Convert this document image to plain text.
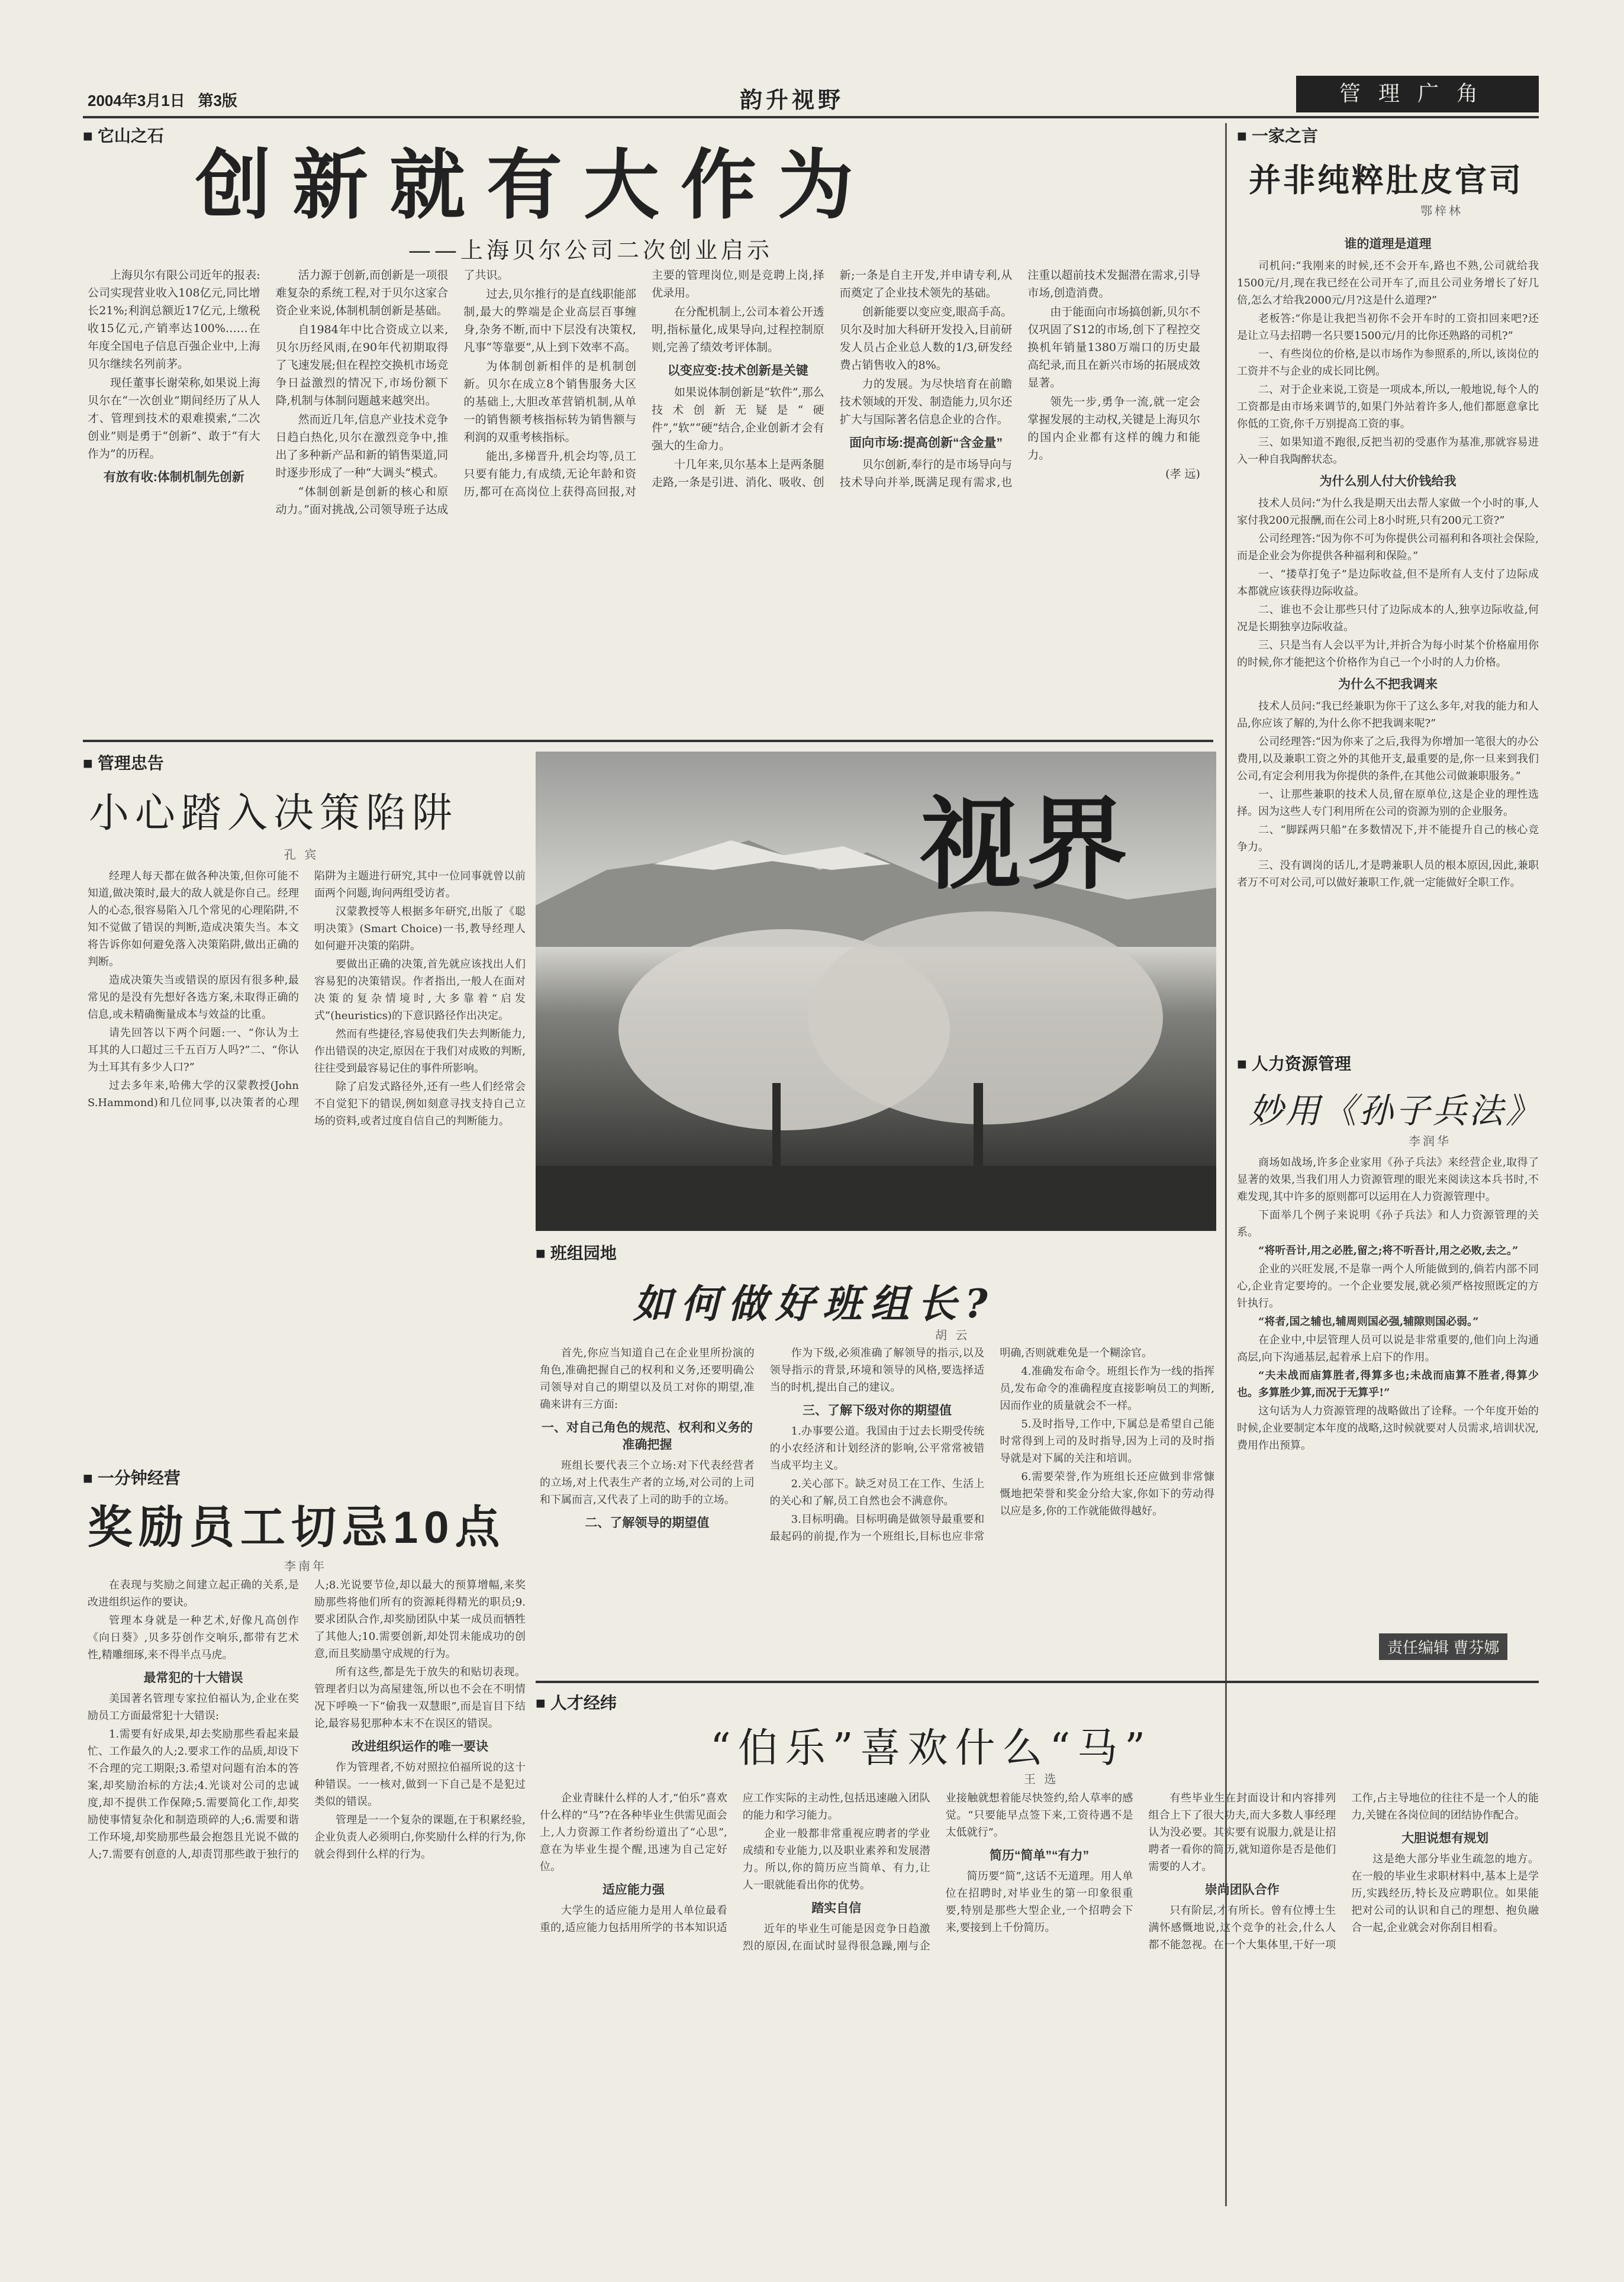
2004年3月1日 第3版	韵升视野	管理广角
■ 它山之石
创新就有大作为
——上海贝尔公司二次创业启示

上海贝尔有限公司近年的报表:公司实现营业收入108亿元,同比增长21%;利润总额近17亿元,上缴税收15亿元,产销率达100%……在年度全国电子信息百强企业中,上海贝尔继续名列前茅。

现任董事长谢荣称,如果说上海贝尔在“一次创业”期间经历了从人才、管理到技术的艰难摸索,“二次创业”则是勇于“创新”、敢于“有大作为”的历程。

有放有收:体制机制先创新

活力源于创新,而创新是一项很难复杂的系统工程,对于贝尔这家合资企业来说,体制机制创新是基础。

自1984年中比合资成立以来,贝尔历经风雨,在90年代初期取得了飞速发展;但在程控交换机市场竞争日益激烈的情况下,市场份额下降,机制与体制问题越来越突出。

然而近几年,信息产业技术竞争日趋白热化,贝尔在激烈竞争中,推出了多种新产品和新的销售渠道,同时逐步形成了一种“大调头”模式。

“体制创新是创新的核心和原动力。”面对挑战,公司领导班子达成了共识。

过去,贝尔推行的是直线职能部制,最大的弊端是企业高层百事缠身,杂务不断,而中下层没有决策权,凡事“等靠要”,从上到下效率不高。

为体制创新相伴的是机制创新。贝尔在成立8个销售服务大区的基础上,大胆改革营销机制,从单一的销售额考核指标转为销售额与利润的双重考核指标。

能出,多梯晋升,机会均等,员工只要有能力,有成绩,无论年龄和资历,都可在高岗位上获得高回报,对主要的管理岗位,则是竞聘上岗,择优录用。

在分配机制上,公司本着公开透明,指标量化,成果导向,过程控制原则,完善了绩效考评体制。

以变应变:技术创新是关键

如果说体制创新是“软件”,那么技术创新无疑是“硬件”,“软”“硬”结合,企业创新才会有强大的生命力。

十几年来,贝尔基本上是两条腿走路,一条是引进、消化、吸收、创新;一条是自主开发,并申请专利,从而奠定了企业技术领先的基础。

创新能要以变应变,眼高手高。贝尔及时加大科研开发投入,目前研发人员占企业总人数的1/3,研发经费占销售收入的8%。

力的发展。为尽快培育在前瞻技术领域的开发、制造能力,贝尔还扩大与国际著名信息企业的合作。

面向市场:提高创新“含金量”

贝尔创新,奉行的是市场导向与技术导向并举,既满足现有需求,也注重以超前技术发掘潜在需求,引导市场,创造消费。

由于能面向市场搞创新,贝尔不仅巩固了S12的市场,创下了程控交换机年销量1380万端口的历史最高纪录,而且在新兴市场的拓展成效显著。

领先一步,勇争一流,就一定会掌握发展的主动权,关键是上海贝尔的国内企业都有这样的魄力和能力。

(孝 远)

■ 一家之言
并非纯粹肚皮官司
鄂梓林
谁的道理是道理

司机问:“我刚来的时候,还不会开车,路也不熟,公司就给我1500元/月,现在我已经在公司开车了,而且公司业务增长了好几倍,怎么才给我2000元/月?这是什么道理?”

老板答:“你是让我把当初你不会开车时的工资扣回来吧?还是让立马去招聘一名只要1500元/月的比你还熟路的司机?”

一、有些岗位的价格,是以市场作为参照系的,所以,该岗位的工资并不与企业的成长同比例。

二、对于企业来说,工资是一项成本,所以,一般地说,每个人的工资都是由市场来调节的,如果门外站着许多人,他们都愿意拿比你低的工资,你千万别提高工资的事。

三、如果知道不跑很,反把当初的受惠作为基准,那就容易进入一种自我陶醉状态。

为什么别人付大价钱给我

技术人员问:“为什么我是期天出去帮人家做一个小时的事,人家付我200元报酬,而在公司上8小时班,只有200元工资?”

公司经理答:“因为你不可为你提供公司福利和各项社会保险,而是企业会为你提供各种福利和保险。”

一、“搂草打兔子”是边际收益,但不是所有人支付了边际成本都就应该获得边际收益。

二、谁也不会让那些只付了边际成本的人,独享边际收益,何况是长期独享边际收益。

三、只是当有人会以平为计,并折合为每小时某个价格雇用你的时候,你才能把这个价格作为自己一个小时的人力价格。

为什么不把我调来

技术人员问:“我已经兼职为你干了这么多年,对我的能力和人品,你应该了解的,为什么你不把我调来呢?”

公司经理答:“因为你来了之后,我得为你增加一笔很大的办公费用,以及兼职工资之外的其他开支,最重要的是,你一旦来到我们公司,有定会利用我为你提供的条件,在其他公司做兼职服务。”

一、让那些兼职的技术人员,留在原单位,这是企业的理性选择。因为这些人专门利用所在公司的资源为别的企业服务。

二、“脚踩两只船”在多数情况下,并不能提升自己的核心竞争力。

三、没有调岗的话儿,才是聘兼职人员的根本原因,因此,兼职者万不可对公司,可以做好兼职工作,就一定能做好全职工作。

■ 管理忠告
小心踏入决策陷阱
孔 宾

经理人每天都在做各种决策,但你可能不知道,做决策时,最大的敌人就是你自己。经理人的心态,很容易陷入几个常见的心理陷阱,不知不觉做了错误的判断,造成决策失当。本文将告诉你如何避免落入决策陷阱,做出正确的判断。

造成决策失当或错误的原因有很多种,最常见的是没有先想好各选方案,未取得正确的信息,或未精确衡量成本与效益的比重。

请先回答以下两个问题:一、“你认为土耳其的人口超过三千五百万人吗?”二、“你认为土耳其有多少人口?”

过去多年来,哈佛大学的汉蒙教授(John S.Hammond)和几位同事,以决策者的心理陷阱为主题进行研究,其中一位同事就曾以前面两个问题,询问两组受访者。

汉蒙教授等人根据多年研究,出版了《聪明决策》(Smart Choice)一书,教导经理人如何避开决策的陷阱。

要做出正确的决策,首先就应该找出人们容易犯的决策错误。作者指出,一般人在面对决策的复杂情境时,大多靠着“启发式”(heuristics)的下意识路径作出决定。

然而有些捷径,容易使我们失去判断能力,作出错误的决定,原因在于我们对成败的判断,往往受到最容易记住的事件所影响。

除了启发式路径外,还有一些人们经常会不自觉犯下的错误,例如刻意寻找支持自己立场的资料,或者过度自信自己的判断能力。

视界
■ 一分钟经营
奖励员工切忌10点
李南年

在表现与奖励之间建立起正确的关系,是改进组织运作的要诀。

管理本身就是一种艺术,好像凡高创作《向日葵》,贝多芬创作交响乐,都带有艺术性,精雕细琢,来不得半点马虎。

最常犯的十大错误

美国著名管理专家拉伯福认为,企业在奖励员工方面最常犯十大错误:

1.需要有好成果,却去奖励那些看起来最忙、工作最久的人;2.要求工作的品质,却设下不合理的完工期限;3.希望对问题有治本的答案,却奖励治标的方法;4.光谈对公司的忠诚度,却不提供工作保障;5.需要简化工作,却奖励使事情复杂化和制造琐碎的人;6.需要和谐工作环境,却奖励那些最会抱怨且光说不做的人;7.需要有创意的人,却责罚那些敢于独行的人;8.光说要节俭,却以最大的预算增幅,来奖励那些将他们所有的资源耗得精光的职员;9.要求团队合作,却奖励团队中某一成员而牺牲了其他人;10.需要创新,却处罚未能成功的创意,而且奖励墨守成规的行为。

所有这些,都是先于放失的和贴切表现。管理者归以为高屋建瓴,所以也不会在不明情况下呼唤一下“偷我一双慧眼”,而是盲目下结论,最容易犯那种本末不在误区的错误。

改进组织运作的唯一要诀

作为管理者,不妨对照拉伯福所说的这十种错误。一一核对,做到一下自己是不是犯过类似的错误。

管理是一一个复杂的课题,在于积累经验,企业负责人必须明白,你奖励什么样的行为,你就会得到什么样的行为。

■ 人力资源管理
妙用《孙子兵法》
李润华

商场如战场,许多企业家用《孙子兵法》来经营企业,取得了显著的效果,当我们用人力资源管理的眼光来阅读这本兵书时,不难发现,其中许多的原则都可以运用在人力资源管理中。

下面举几个例子来说明《孙子兵法》和人力资源管理的关系。

“将听吾计,用之必胜,留之;将不听吾计,用之必败,去之。”

企业的兴旺发展,不是靠一两个人所能做到的,倘若内部不同心,企业肯定要垮的。一个企业要发展,就必须严格按照既定的方针执行。

“将者,国之辅也,辅周则国必强,辅隙则国必弱。”

在企业中,中层管理人员可以说是非常重要的,他们向上沟通高层,向下沟通基层,起着承上启下的作用。

“夫未战而庙算胜者,得算多也;未战而庙算不胜者,得算少也。多算胜少算,而况于无算乎!”

这句话为人力资源管理的战略做出了诠释。一个年度开始的时候,企业要制定本年度的战略,这时候就要对人员需求,培训状况,费用作出预算。

责任编辑 曹芬娜
■ 班组园地
如何做好班组长?
胡 云

首先,你应当知道自己在企业里所扮演的角色,准确把握自己的权利和义务,还要明确公司领导对自己的期望以及员工对你的期望,准确来讲有三方面:

一、对自己角色的规范、权利和义务的准确把握

班组长要代表三个立场:对下代表经营者的立场,对上代表生产者的立场,对公司的上司和下属而言,又代表了上司的助手的立场。

二、了解领导的期望值

作为下级,必须准确了解领导的指示,以及领导指示的背景,环境和领导的风格,要选择适当的时机,提出自己的建议。

三、了解下级对你的期望值

1.办事要公道。我国由于过去长期受传统的小农经济和计划经济的影响,公平常常被错当成平均主义。

2.关心部下。缺乏对员工在工作、生活上的关心和了解,员工自然也会不满意你。

3.目标明确。目标明确是做领导最重要和最起码的前提,作为一个班组长,目标也应非常明确,否则就难免是一个糊涂官。

4.准确发布命令。班组长作为一线的指挥员,发布命令的准确程度直接影响员工的判断,因而作业的质量就会不一样。

5.及时指导,工作中,下属总是希望自己能时常得到上司的及时指导,因为上司的及时指导就是对下属的关注和培训。

6.需要荣誉,作为班组长还应做到非常慷慨地把荣誉和奖金分给大家,你如下的劳动得以应是多,你的工作就能做得越好。

■ 人才经纬
“伯乐”喜欢什么“马”
王 选

企业青睐什么样的人才,“伯乐”喜欢什么样的“马”?在各种毕业生供需见面会上,人力资源工作者纷纷道出了“心思”,意在为毕业生提个醒,迅速为自己定好位。

适应能力强

大学生的适应能力是用人单位最看重的,适应能力包括用所学的书本知识适应工作实际的主动性,包括迅速融入团队的能力和学习能力。

企业一般都非常重视应聘者的学业成绩和专业能力,以及职业素养和发展潜力。所以,你的简历应当简单、有力,让人一眼就能看出你的优势。

踏实自信

近年的毕业生可能是因竞争日趋激烈的原因,在面试时显得很急躁,刚与企业接触就想着能尽快签约,给人草率的感觉。“只要能早点签下来,工资待遇不是太低就行”。

简历“简单”“有力”

简历要“简”,这话不无道理。用人单位在招聘时,对毕业生的第一印象很重要,特别是那些大型企业,一个招聘会下来,要接到上千份简历。

有些毕业生在封面设计和内容排列组合上下了很大功夫,而大多数人事经理认为没必要。其实要有说服力,就是让招聘者一看你的简历,就知道你是否是他们需要的人才。

崇尚团队合作

只有阶层,才有所长。曾有位博士生满怀感慨地说,这个竞争的社会,什么人都不能忽视。在一个大集体里,干好一项工作,占主导地位的往往不是一个人的能力,关键在各岗位间的团结协作配合。

大胆说想有规划

这是绝大部分毕业生疏忽的地方。在一般的毕业生求职材料中,基本上是学历,实践经历,特长及应聘职位。如果能把对公司的认识和自己的理想、抱负融合一起,企业就会对你刮目相看。
